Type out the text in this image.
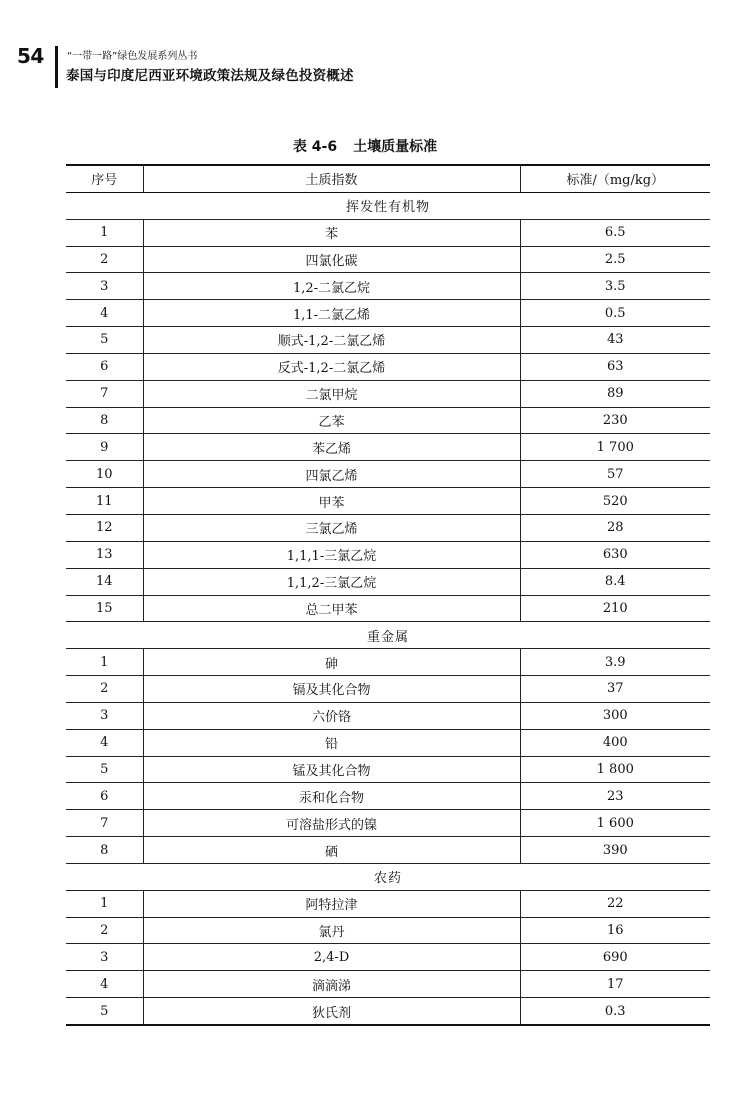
54 “一带一路”绿色发展系列丛书
泰国与印度尼西亚环境政策法规及绿色投资概述
表 4-6 土壤质量标准
序号	土质指数	标准/（mg/kg）
挥发性有机物		
1	苯	6.5
2	四氯化碳	2.5
3	1,2-二氯乙烷	3.5
4	1,1-二氯乙烯	0.5
5	顺式-1,2-二氯乙烯	43
6	反式-1,2-二氯乙烯	63
7	二氯甲烷	89
8	乙苯	230
9	苯乙烯	1 700
10	四氯乙烯	57
11	甲苯	520
12	三氯乙烯	28
13	1,1,1-三氯乙烷	630
14	1,1,2-三氯乙烷	8.4
15	总二甲苯	210
重金属		
1	砷	3.9
2	镉及其化合物	37
3	六价铬	300
4	铅	400
5	锰及其化合物	1 800
6	汞和化合物	23
7	可溶盐形式的镍	1 600
8	硒	390
农药		
1	阿特拉津	22
2	氯丹	16
3	2,4-D	690
4	滴滴涕	17
5	狄氏剂	0.3
